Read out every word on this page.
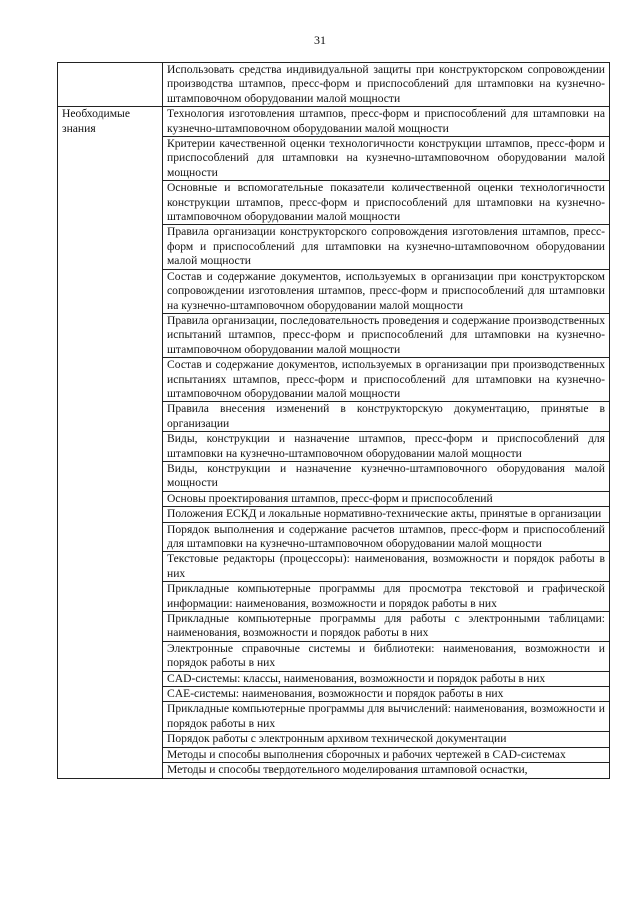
31
	Использовать средства индивидуальной защиты при конструкторском сопровождении производства штампов, пресс-форм и приспособлений для штамповки на кузнечно-штамповочном оборудовании малой мощности
Необходимые знания	Технология изготовления штампов, пресс-форм и приспособлений для штамповки на кузнечно-штамповочном оборудовании малой мощности
	Критерии качественной оценки технологичности конструкции штампов, пресс-форм и приспособлений для штамповки на кузнечно-штамповочном оборудовании малой мощности
	Основные и вспомогательные показатели количественной оценки технологичности конструкции штампов, пресс-форм и приспособлений для штамповки на кузнечно-штамповочном оборудовании малой мощности
	Правила организации конструкторского сопровождения изготовления штампов, пресс-форм и приспособлений для штамповки на кузнечно-штамповочном оборудовании малой мощности
	Состав и содержание документов, используемых в организации при конструкторском сопровождении изготовления штампов, пресс-форм и приспособлений для штамповки на кузнечно-штамповочном оборудовании малой мощности
	Правила организации, последовательность проведения и содержание производственных испытаний штампов, пресс-форм и приспособлений для штамповки на кузнечно-штамповочном оборудовании малой мощности
	Состав и содержание документов, используемых в организации при производственных испытаниях штампов, пресс-форм и приспособлений для штамповки на кузнечно-штамповочном оборудовании малой мощности
	Правила внесения изменений в конструкторскую документацию, принятые в организации
	Виды, конструкции и назначение штампов, пресс-форм и приспособлений для штамповки на кузнечно-штамповочном оборудовании малой мощности
	Виды, конструкции и назначение кузнечно-штамповочного оборудования малой мощности
	Основы проектирования штампов, пресс-форм и приспособлений
	Положения ЕСКД и локальные нормативно-технические акты, принятые в организации
	Порядок выполнения и содержание расчетов штампов, пресс-форм и приспособлений для штамповки на кузнечно-штамповочном оборудовании малой мощности
	Текстовые редакторы (процессоры): наименования, возможности и порядок работы в них
	Прикладные компьютерные программы для просмотра текстовой и графической информации: наименования, возможности и порядок работы в них
	Прикладные компьютерные программы для работы с электронными таблицами: наименования, возможности и порядок работы в них
	Электронные справочные системы и библиотеки: наименования, возможности и порядок работы в них
	CAD-системы: классы, наименования, возможности и порядок работы в них
	CAE-системы: наименования, возможности и порядок работы в них
	Прикладные компьютерные программы для вычислений: наименования, возможности и порядок работы в них
	Порядок работы с электронным архивом технической документации
	Методы и способы выполнения сборочных и рабочих чертежей в CAD-системах
	Методы и способы твердотельного моделирования штамповой оснастки,
